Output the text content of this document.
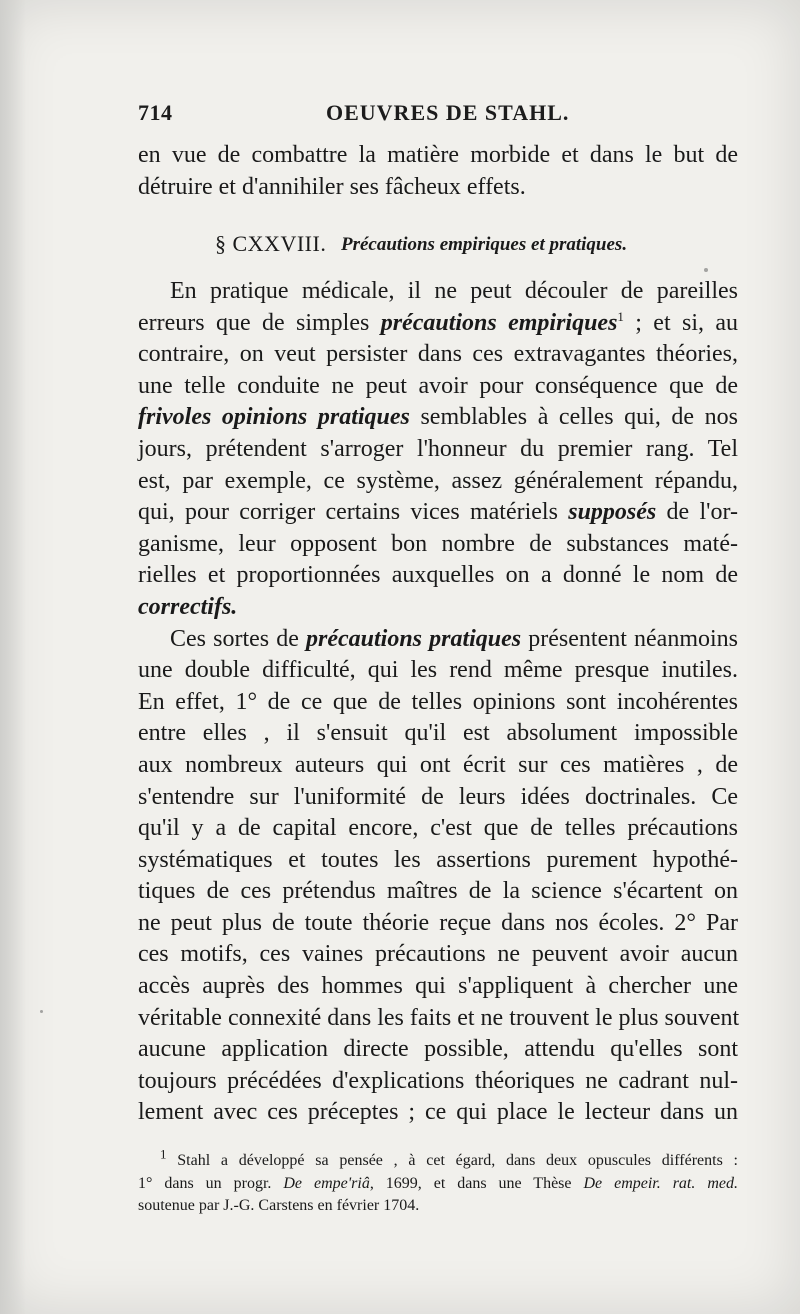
714	OEUVRES DE STAHL.
en vue de combattre la matière morbide et dans le but de
détruire et d'annihiler ses fâcheux effets.
§ CXXVIII. Précautions empiriques et pratiques.
En pratique médicale, il ne peut découler de pareilles
erreurs que de simples précautions empiriques$^1$ ; et si, au
contraire, on veut persister dans ces extravagantes théories,
une telle conduite ne peut avoir pour conséquence que de
frivoles opinions pratiques semblables à celles qui, de nos
jours, prétendent s'arroger l'honneur du premier rang. Tel
est, par exemple, ce système, assez généralement répandu,
qui, pour corriger certains vices matériels supposés de l'or-
ganisme, leur opposent bon nombre de substances maté-
rielles et proportionnées auxquelles on a donné le nom de
correctifs.
Ces sortes de précautions pratiques présentent néanmoins
une double difficulté, qui les rend même presque inutiles.
En effet, 1° de ce que de telles opinions sont incohérentes
entre elles , il s'ensuit qu'il est absolument impossible
aux nombreux auteurs qui ont écrit sur ces matières , de
s'entendre sur l'uniformité de leurs idées doctrinales. Ce
qu'il y a de capital encore, c'est que de telles précautions
systématiques et toutes les assertions purement hypothé-
tiques de ces prétendus maîtres de la science s'écartent on
ne peut plus de toute théorie reçue dans nos écoles. 2° Par
ces motifs, ces vaines précautions ne peuvent avoir aucun
accès auprès des hommes qui s'appliquent à chercher une
véritable connexité dans les faits et ne trouvent le plus souvent
aucune application directe possible, attendu qu'elles sont
toujours précédées d'explications théoriques ne cadrant nul-
lement avec ces préceptes ; ce qui place le lecteur dans un
$^1$ Stahl a développé sa pensée , à cet égard, dans deux opuscules différents :
1° dans un progr. De empe'riâ, 1699, et dans une Thèse De empeir. rat. med.
soutenue par J.-G. Carstens en février 1704.
